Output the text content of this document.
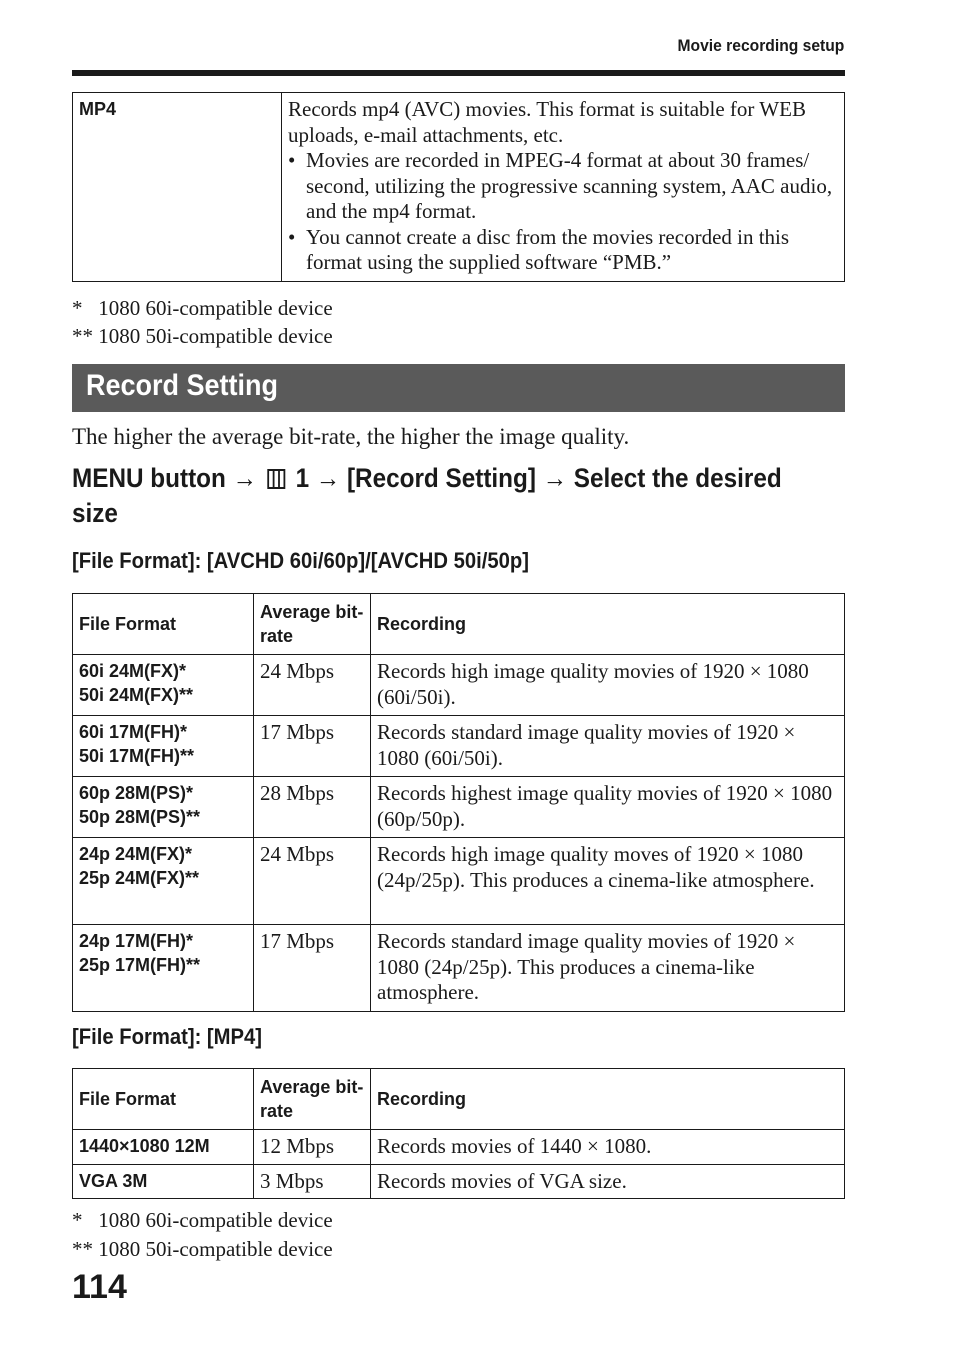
Movie recording setup
MP4	Records mp4 (AVC) movies. This format is suitable for WEB uploads, e-mail attachments, etc.
• Movies are recorded in MPEG-4 format at about 30 frames/ second, utilizing the progressive scanning system, AAC audio, and the mp4 format.
• You cannot create a disc from the movies recorded in this format using the supplied software “PMB.”
*   1080 60i-compatible device
** 1080 50i-compatible device
Record Setting
The higher the average bit-rate, the higher the image quality.
MENU button → 1 → [Record Setting] → Select the desired
size
[File Format]: [AVCHD 60i/60p]/[AVCHD 50i/50p]
File Format	Average bit-rate	Recording

60i 24M(FX)*
50i 24M(FX)**	24 Mbps	Records high image quality movies of 1920 × 1080 (60i/50i).

60i 17M(FH)*
50i 17M(FH)**	17 Mbps	Records standard image quality movies of 1920 × 1080 (60i/50i).

60p 28M(PS)*
50p 28M(PS)**	28 Mbps	Records highest image quality movies of 1920 × 1080 (60p/50p).

24p 24M(FX)*
25p 24M(FX)**	24 Mbps	Records high image quality moves of 1920 × 1080 (24p/25p). This produces a cinema-like atmosphere.

24p 17M(FH)*
25p 17M(FH)**	17 Mbps	Records standard image quality movies of 1920 × 1080 (24p/25p). This produces a cinema-like atmosphere.
[File Format]: [MP4]
File Format	Average bit-rate	Recording

1440×1080 12M	12 Mbps	Records movies of 1440 × 1080.

VGA 3M	3 Mbps	Records movies of VGA size.
*   1080 60i-compatible device
** 1080 50i-compatible device
114
